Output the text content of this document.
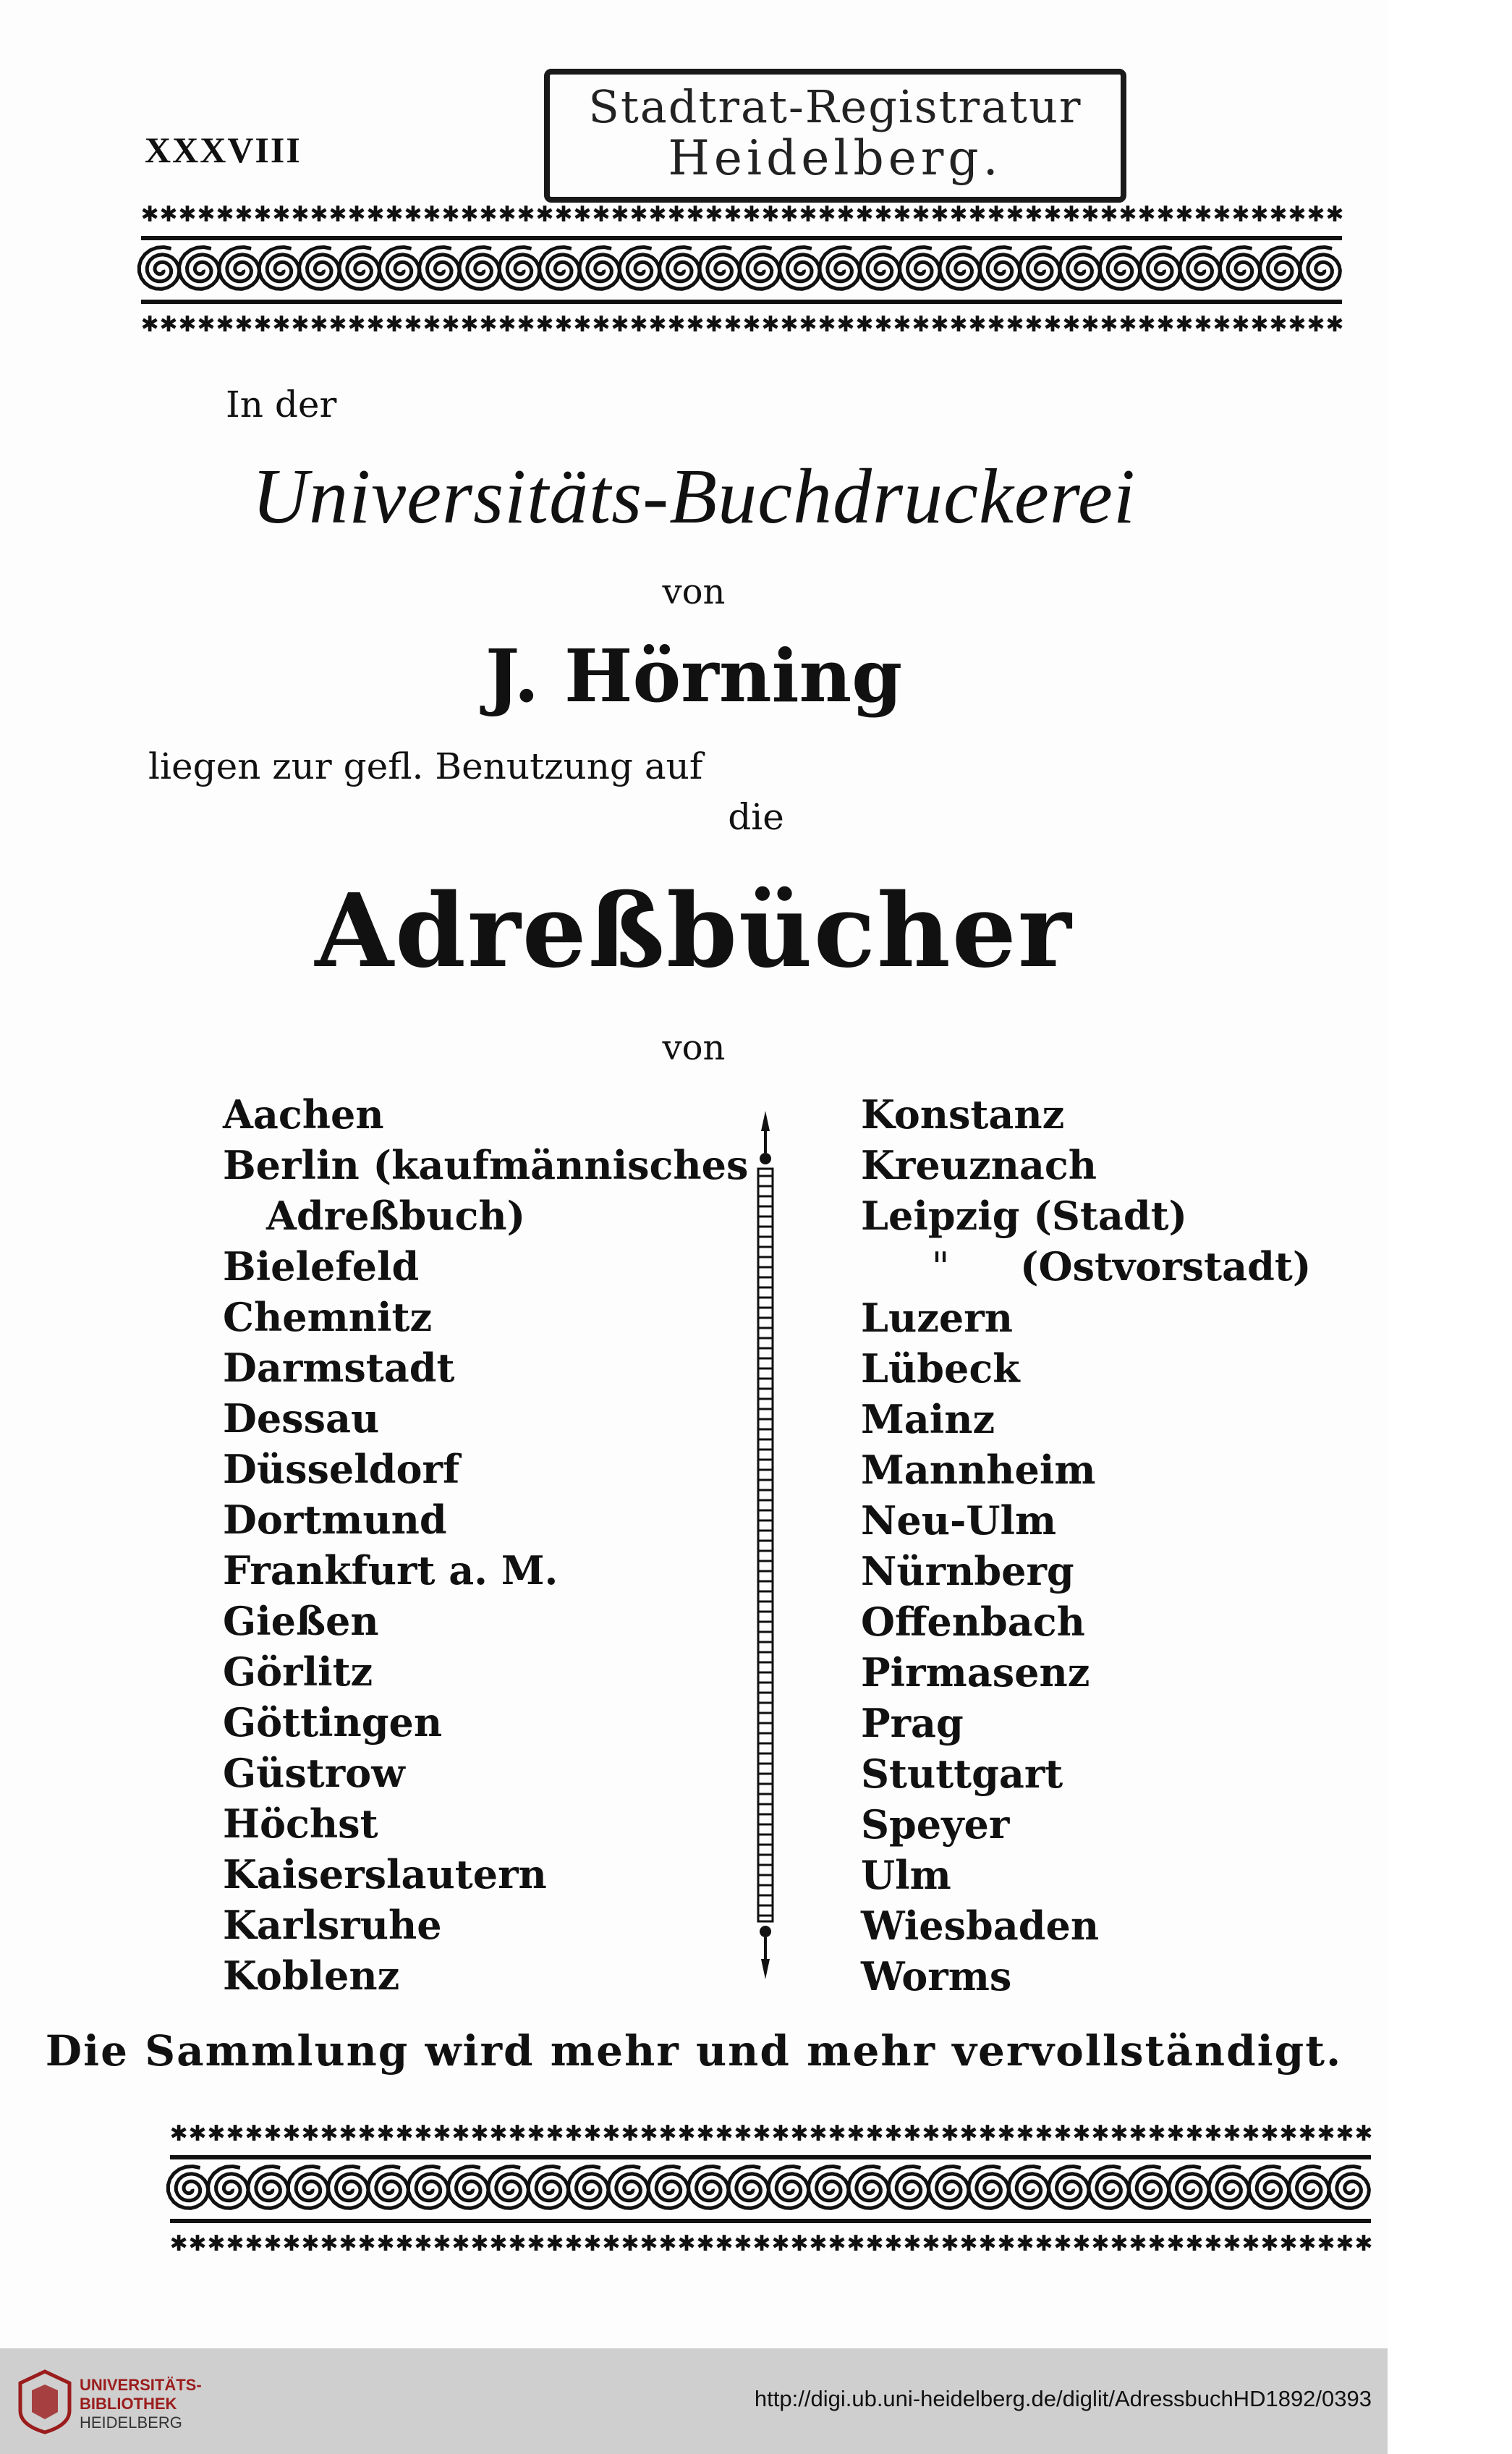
XXXVIII
Stadtrat-Registratur
Heidelberg.
✱ ✱ ✱ ✱ ✱ ✱ ✱ ✱ ✱ ✱ ✱ ✱ ✱ ✱ ✱ ✱ ✱ ✱ ✱ ✱ ✱ ✱ ✱ ✱ ✱ ✱ ✱ ✱ ✱ ✱ ✱ ✱ ✱ ✱ ✱ ✱ ✱ ✱ ✱ ✱ ✱ ✱ ✱ ✱ ✱ ✱ ✱ ✱ ✱ ✱ ✱ ✱ ✱ ✱ ✱ ✱ ✱ ✱ ✱ ✱ ✱ ✱ ✱ ✱
✱ ✱ ✱ ✱ ✱ ✱ ✱ ✱ ✱ ✱ ✱ ✱ ✱ ✱ ✱ ✱ ✱ ✱ ✱ ✱ ✱ ✱ ✱ ✱ ✱ ✱ ✱ ✱ ✱ ✱ ✱ ✱ ✱ ✱ ✱ ✱ ✱ ✱ ✱ ✱ ✱ ✱ ✱ ✱ ✱ ✱ ✱ ✱ ✱ ✱ ✱ ✱ ✱ ✱ ✱ ✱ ✱ ✱ ✱ ✱ ✱ ✱ ✱ ✱
In der
Universitäts-Buchdruckerei
von
J. Hörning
liegen zur gefl. Benutzung auf
die
Adreßbücher
von
Aachen
Berlin (kaufmännisches
Adreßbuch)
Bielefeld
Chemnitz
Darmstadt
Dessau
Düsseldorf
Dortmund
Frankfurt a. M.
Gießen
Görlitz
Göttingen
Güstrow
Höchst
Kaiserslautern
Karlsruhe
Koblenz
Konstanz
Kreuznach
Leipzig (Stadt)
" (Ostvorstadt)
Luzern
Lübeck
Mainz
Mannheim
Neu-Ulm
Nürnberg
Offenbach
Pirmasenz
Prag
Stuttgart
Speyer
Ulm
Wiesbaden
Worms
Die Sammlung wird mehr und mehr vervollständigt.
✱ ✱ ✱ ✱ ✱ ✱ ✱ ✱ ✱ ✱ ✱ ✱ ✱ ✱ ✱ ✱ ✱ ✱ ✱ ✱ ✱ ✱ ✱ ✱ ✱ ✱ ✱ ✱ ✱ ✱ ✱ ✱ ✱ ✱ ✱ ✱ ✱ ✱ ✱ ✱ ✱ ✱ ✱ ✱ ✱ ✱ ✱ ✱ ✱ ✱ ✱ ✱ ✱ ✱ ✱ ✱ ✱ ✱ ✱ ✱ ✱ ✱ ✱ ✱
✱ ✱ ✱ ✱ ✱ ✱ ✱ ✱ ✱ ✱ ✱ ✱ ✱ ✱ ✱ ✱ ✱ ✱ ✱ ✱ ✱ ✱ ✱ ✱ ✱ ✱ ✱ ✱ ✱ ✱ ✱ ✱ ✱ ✱ ✱ ✱ ✱ ✱ ✱ ✱ ✱ ✱ ✱ ✱ ✱ ✱ ✱ ✱ ✱ ✱ ✱ ✱ ✱ ✱ ✱ ✱ ✱ ✱ ✱ ✱ ✱ ✱ ✱ ✱
UNIVERSITÄTS-
BIBLIOTHEK
HEIDELBERG
http://digi.ub.uni-heidelberg.de/diglit/AdressbuchHD1892/0393
